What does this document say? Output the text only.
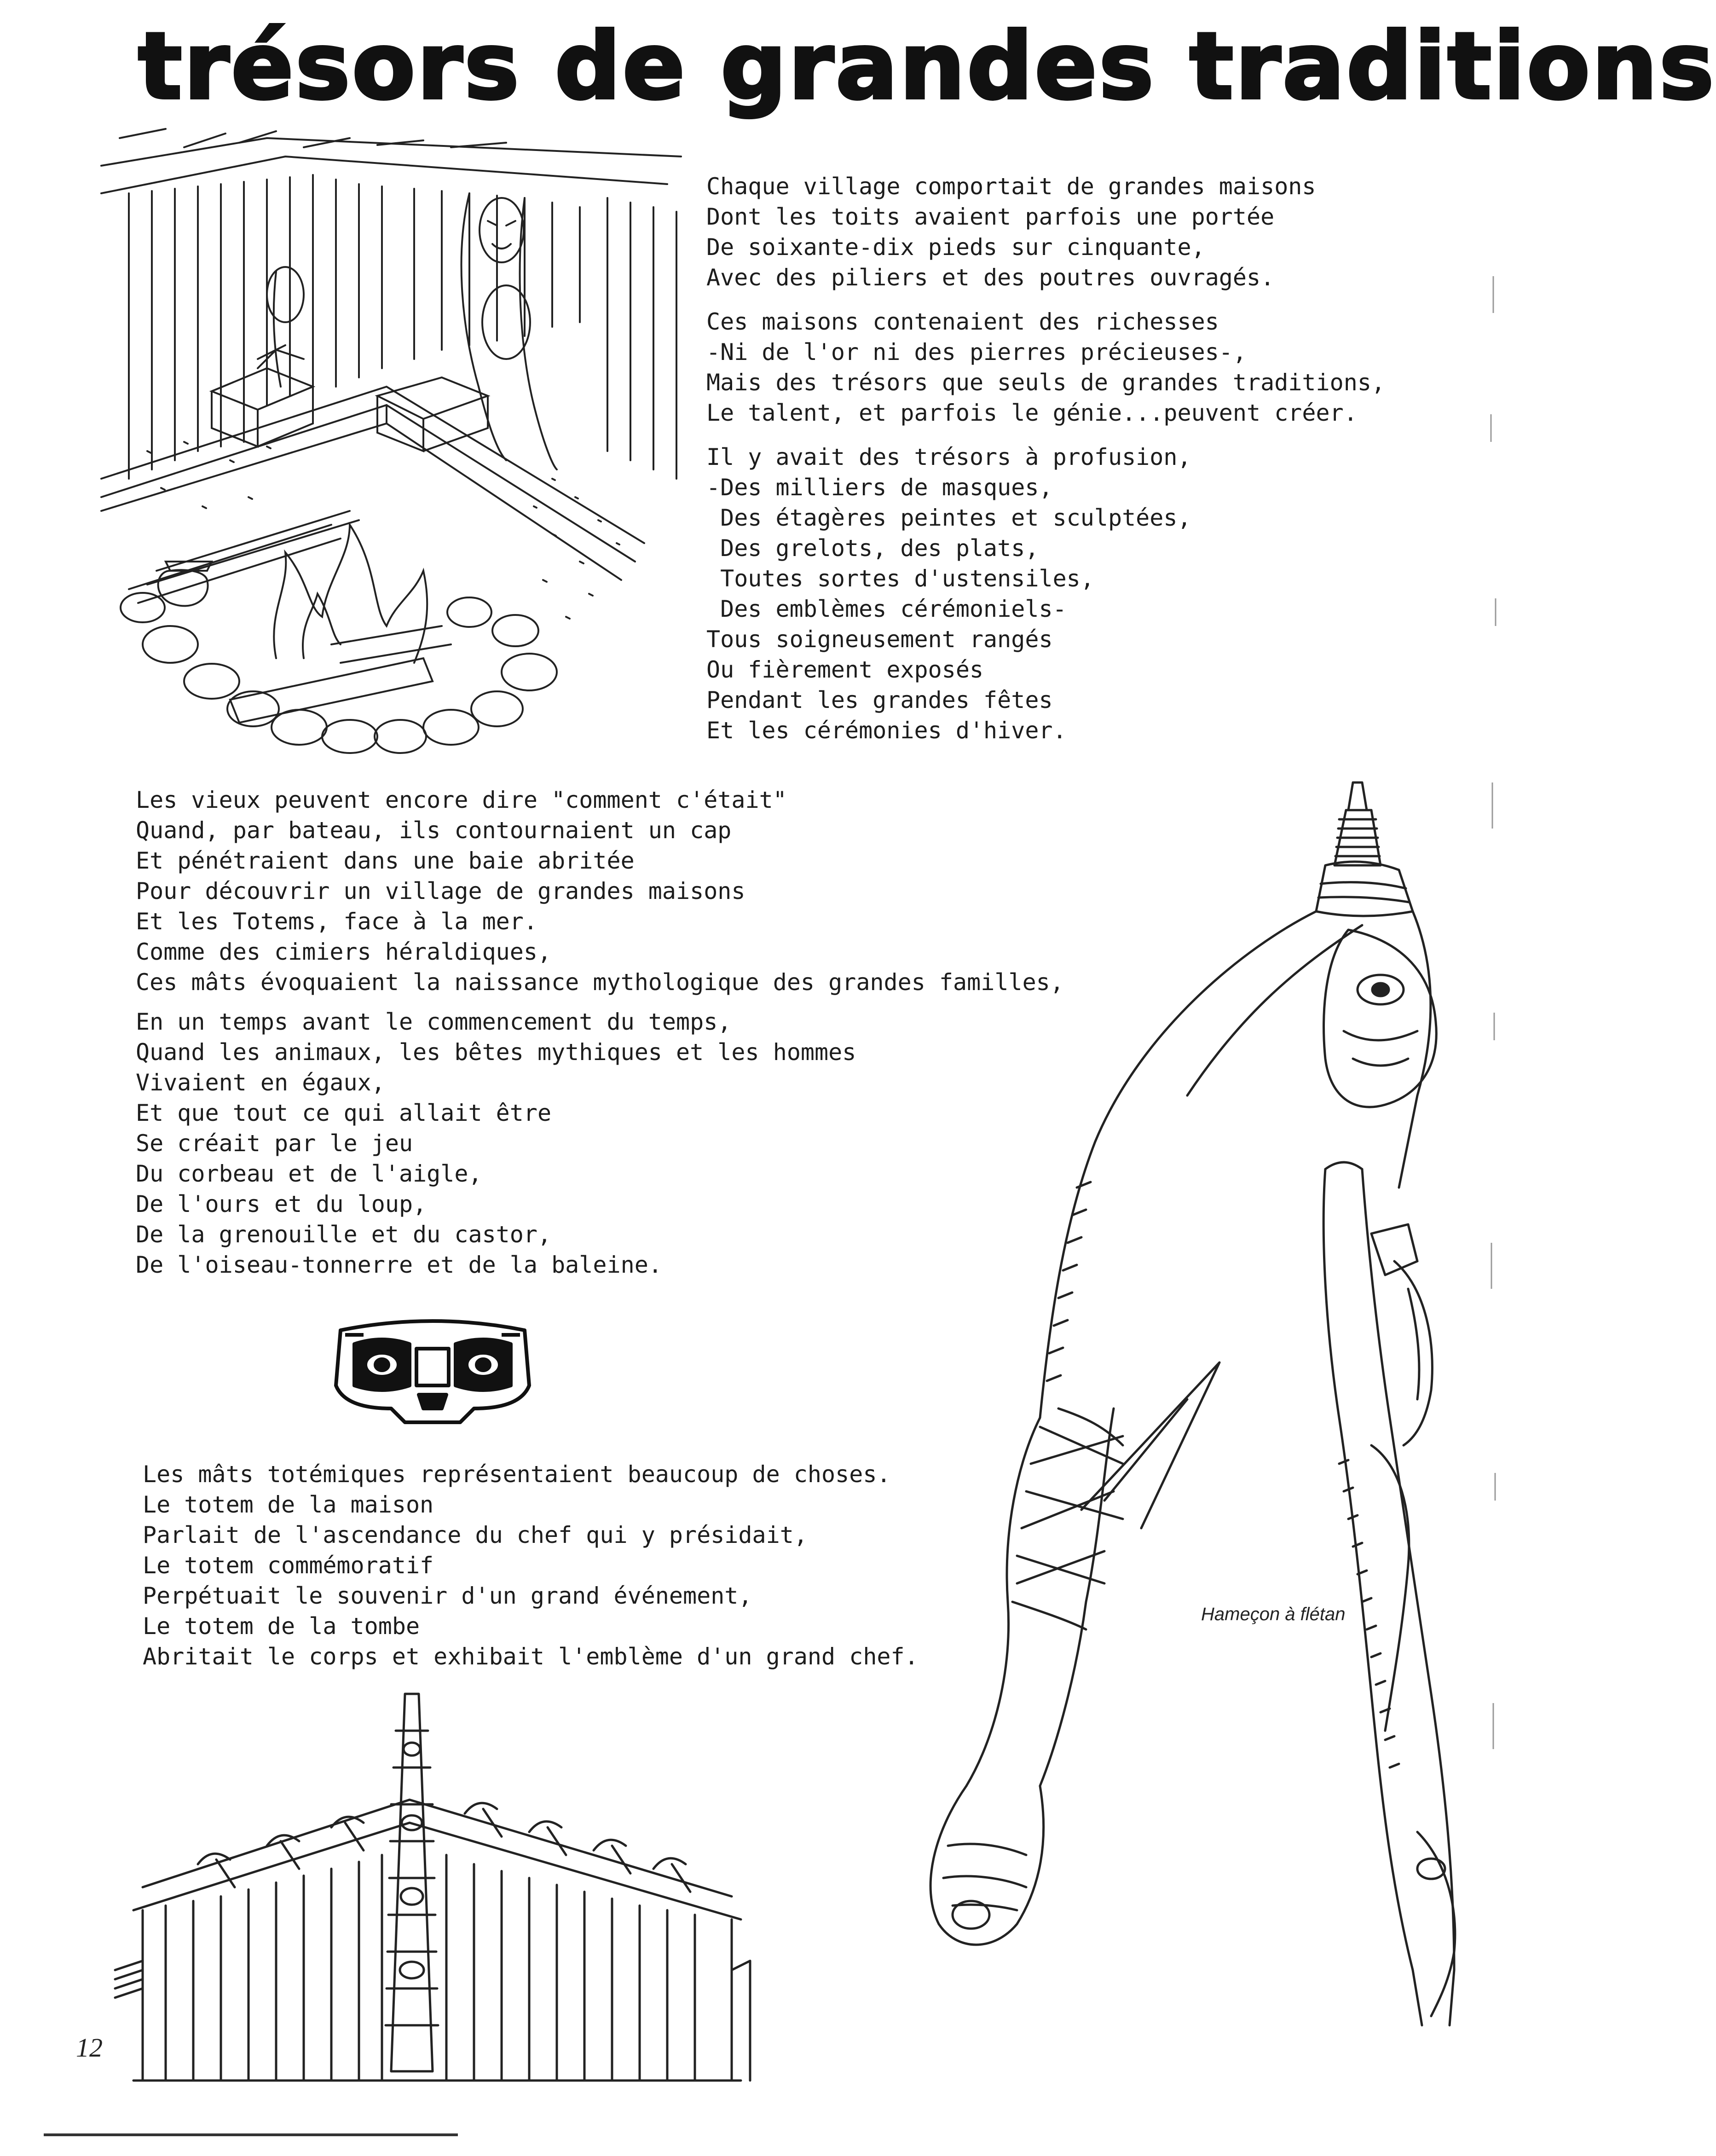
trésors de grandes traditions
Chaque village comportait de grandes maisons
Dont les toits avaient parfois une portée
De soixante-dix pieds sur cinquante,
Avec des piliers et des poutres ouvragés.
Ces maisons contenaient des richesses
-Ni de l'or ni des pierres précieuses-,
Mais des trésors que seuls de grandes traditions,
Le talent, et parfois le génie...peuvent créer.
Il y avait des trésors à profusion,
-Des milliers de masques,
Des étagères peintes et sculptées,
Des grelots, des plats,
Toutes sortes d'ustensiles,
Des emblèmes cérémoniels-
Tous soigneusement rangés
Ou fièrement exposés
Pendant les grandes fêtes
Et les cérémonies d'hiver.
Les vieux peuvent encore dire "comment c'était"
Quand, par bateau, ils contournaient un cap
Et pénétraient dans une baie abritée
Pour découvrir un village de grandes maisons
Et les Totems, face à la mer.
Comme des cimiers héraldiques,
Ces mâts évoquaient la naissance mythologique des grandes familles,
En un temps avant le commencement du temps,
Quand les animaux, les bêtes mythiques et les hommes
Vivaient en égaux,
Et que tout ce qui allait être
Se créait par le jeu
Du corbeau et de l'aigle,
De l'ours et du loup,
De la grenouille et du castor,
De l'oiseau-tonnerre et de la baleine.
Les mâts totémiques représentaient beaucoup de choses.
Le totem de la maison
Parlait de l'ascendance du chef qui y présidait,
Le totem commémoratif
Perpétuait le souvenir d'un grand événement,
Le totem de la tombe
Abritait le corps et exhibait l'emblème d'un grand chef.

Hameçon à flétan

12
